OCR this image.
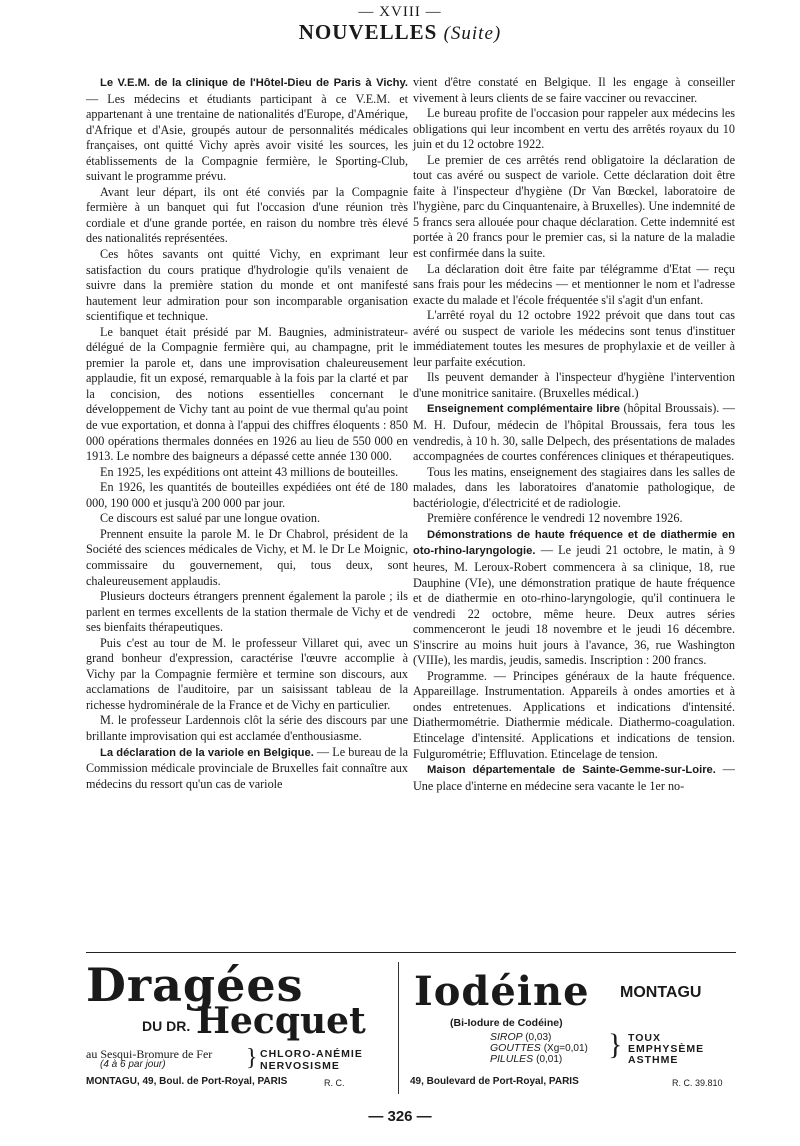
— XVIII —
NOUVELLES (Suite)

Le V.E.M. de la clinique de l'Hôtel-Dieu de Paris à Vichy. — Les médecins et étudiants participant à ce V.E.M. et appartenant à une trentaine de nationalités d'Europe, d'Amérique, d'Afrique et d'Asie, groupés autour de personnalités médicales françaises, ont quitté Vichy après avoir visité les sources, les établissements de la Compagnie fermière, le Sporting-Club, suivant le programme prévu.

Avant leur départ, ils ont été conviés par la Compagnie fermière à un banquet qui fut l'occasion d'une réunion très cordiale et d'une grande portée, en raison du nombre très élevé des nationalités représentées.

Ces hôtes savants ont quitté Vichy, en exprimant leur satisfaction du cours pratique d'hydrologie qu'ils venaient de suivre dans la première station du monde et ont manifesté hautement leur admiration pour son incomparable organisation scientifique et technique.

Le banquet était présidé par M. Baugnies, administrateur-délégué de la Compagnie fermière qui, au champagne, prit le premier la parole et, dans une improvisation chaleureusement applaudie, fit un exposé, remarquable à la fois par la clarté et par la concision, des notions essentielles concernant le développement de Vichy tant au point de vue thermal qu'au point de vue exportation, et donna à l'appui des chiffres éloquents : 850 000 opérations thermales données en 1926 au lieu de 550 000 en 1913. Le nombre des baigneurs a dépassé cette année 130 000.

En 1925, les expéditions ont atteint 43 millions de bouteilles.

En 1926, les quantités de bouteilles expédiées ont été de 180 000, 190 000 et jusqu'à 200 000 par jour.

Ce discours est salué par une longue ovation.

Prennent ensuite la parole M. le Dr Chabrol, président de la Société des sciences médicales de Vichy, et M. le Dr Le Moignic, commissaire du gouvernement, qui, tous deux, sont chaleureusement applaudis.

Plusieurs docteurs étrangers prennent également la parole ; ils parlent en termes excellents de la station thermale de Vichy et de ses bienfaits thérapeutiques.

Puis c'est au tour de M. le professeur Villaret qui, avec un grand bonheur d'expression, caractérise l'œuvre accomplie à Vichy par la Compagnie fermière et termine son discours, aux acclamations de l'auditoire, par un saisissant tableau de la richesse hydrominérale de la France et de Vichy en particulier.

M. le professeur Lardennois clôt la série des discours par une brillante improvisation qui est acclamée d'enthousiasme.

La déclaration de la variole en Belgique. — Le bureau de la Commission médicale provinciale de Bruxelles fait connaître aux médecins du ressort qu'un cas de variole

vient d'être constaté en Belgique. Il les engage à conseiller vivement à leurs clients de se faire vacciner ou revacciner.

Le bureau profite de l'occasion pour rappeler aux médecins les obligations qui leur incombent en vertu des arrêtés royaux du 10 juin et du 12 octobre 1922.

Le premier de ces arrêtés rend obligatoire la déclaration de tout cas avéré ou suspect de variole. Cette déclaration doit être faite à l'inspecteur d'hygiène (Dr Van Bœckel, laboratoire de l'hygiène, parc du Cinquantenaire, à Bruxelles). Une indemnité de 5 francs sera allouée pour chaque déclaration. Cette indemnité est portée à 20 francs pour le premier cas, si la nature de la maladie est confirmée dans la suite.

La déclaration doit être faite par télégramme d'Etat — reçu sans frais pour les médecins — et mentionner le nom et l'adresse exacte du malade et l'école fréquentée s'il s'agit d'un enfant.

L'arrêté royal du 12 octobre 1922 prévoit que dans tout cas avéré ou suspect de variole les médecins sont tenus d'instituer immédiatement toutes les mesures de prophylaxie et de veiller à leur parfaite exécution.

Ils peuvent demander à l'inspecteur d'hygiène l'intervention d'une monitrice sanitaire. (Bruxelles médical.)

Enseignement complémentaire libre (hôpital Broussais). — M. H. Dufour, médecin de l'hôpital Broussais, fera tous les vendredis, à 10 h. 30, salle Delpech, des présentations de malades accompagnées de courtes conférences cliniques et thérapeutiques.

Tous les matins, enseignement des stagiaires dans les salles de malades, dans les laboratoires d'anatomie pathologique, de bactériologie, d'électricité et de radiologie.

Première conférence le vendredi 12 novembre 1926.

Démonstrations de haute fréquence et de diathermie en oto-rhino-laryngologie. — Le jeudi 21 octobre, le matin, à 9 heures, M. Leroux-Robert commencera à sa clinique, 18, rue Dauphine (VIe), une démonstration pratique de haute fréquence et de diathermie en oto-rhino-laryngologie, qu'il continuera le vendredi 22 octobre, même heure. Deux autres séries commenceront le jeudi 18 novembre et le jeudi 16 décembre. S'inscrire au moins huit jours à l'avance, 36, rue Washington (VIIIe), les mardis, jeudis, samedis. Inscription : 200 francs.

Programme. — Principes généraux de la haute fréquence. Appareillage. Instrumentation. Appareils à ondes amorties et à ondes entretenues. Applications et indications d'intensité. Diathermométrie. Diathermie médicale. Diathermo-coagulation. Etincelage d'intensité. Applications et indications de tension. Fulgurométrie; Effluvation. Etincelage de tension.

Maison départementale de Sainte-Gemme-sur-Loire. — Une place d'interne en médecine sera vacante le 1er no-

Dragées
DU DR. Hecquet
au Sesqui-Bromure de Fer
(4 à 6 par jour)	} CHLORO-ANÉMIE
NERVOSISME
MONTAGU, 49, Boul. de Port-Royal, PARIS	R. C.
Iodéine MONTAGU
(Bi-Iodure de Codéine)
SIROP (0,03)
GOUTTES (Xg=0,01)
PILULES (0,01)	} TOUX
EMPHYSÈME
ASTHME
49, Boulevard de Port-Royal, PARIS	R. C. 39.810
— 326 —
